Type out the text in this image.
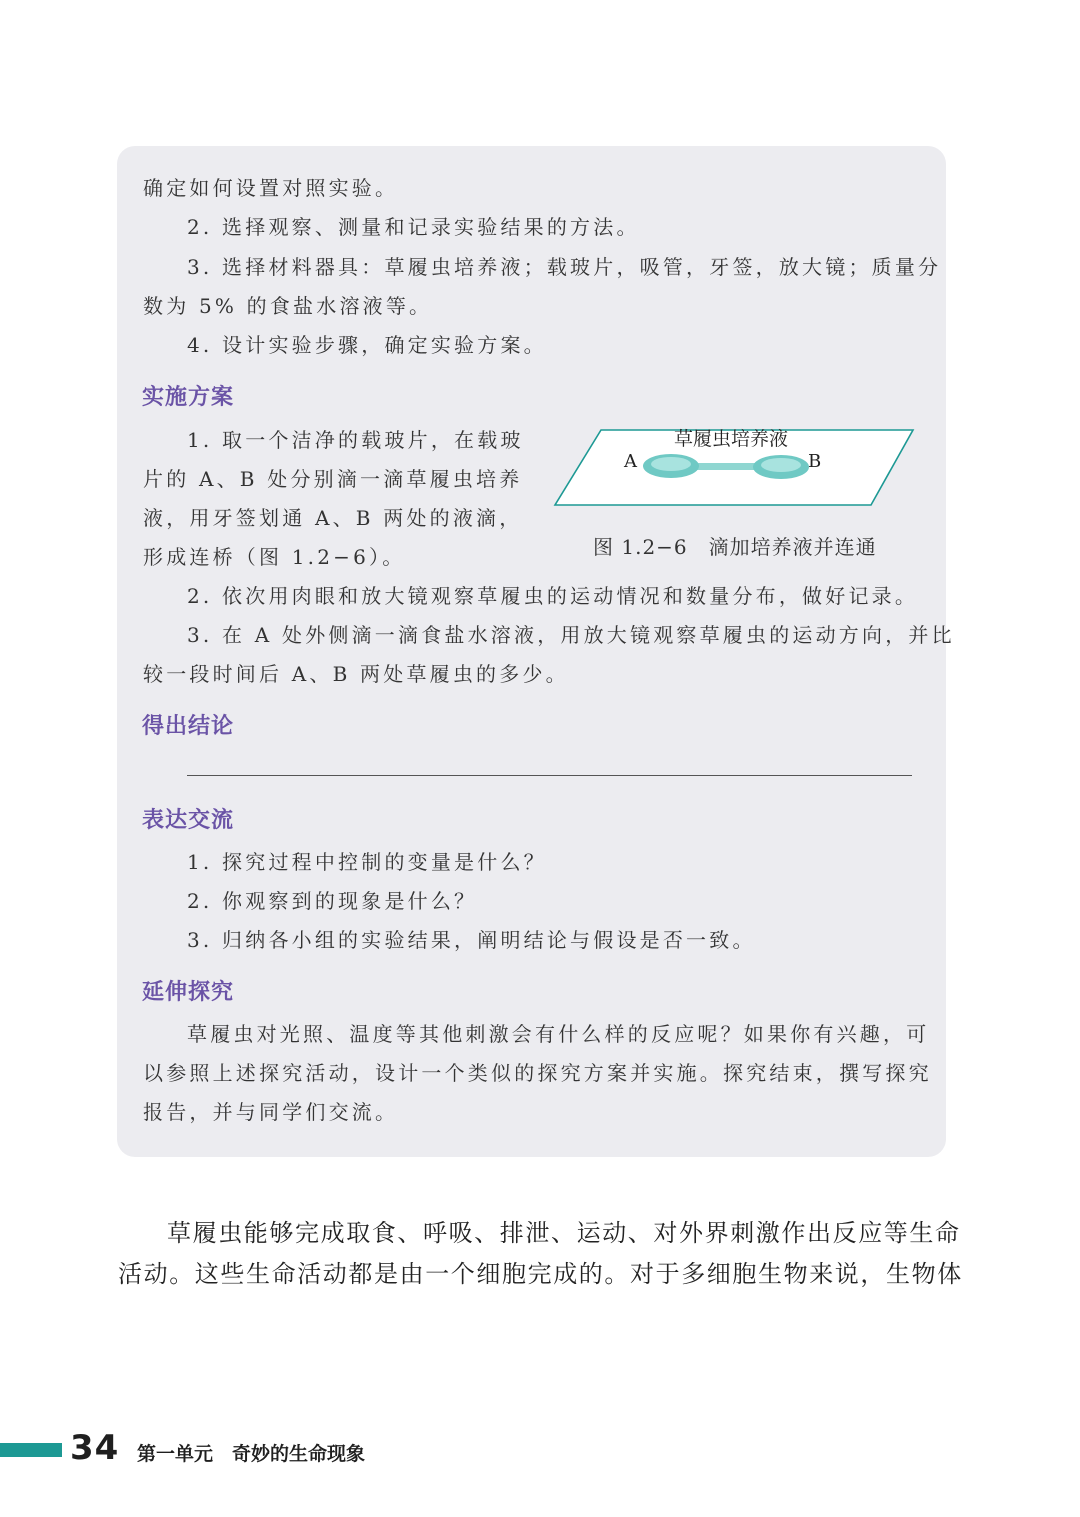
确定如何设置对照实验。
2. 选择观察、测量和记录实验结果的方法。
3. 选择材料器具：草履虫培养液；载玻片，吸管，牙签，放大镜；质量分
数为 5% 的食盐水溶液等。
4. 设计实验步骤，确定实验方案。
实施方案
1. 取一个洁净的载玻片，在载玻
片的 A、B 处分别滴一滴草履虫培养
液，用牙签划通 A、B 两处的液滴，
形成连桥（图 1.2−6）。
草履虫培养液
A	B
图 1.2−6　滴加培养液并连通
2. 依次用肉眼和放大镜观察草履虫的运动情况和数量分布，做好记录。
3. 在 A 处外侧滴一滴食盐水溶液，用放大镜观察草履虫的运动方向，并比
较一段时间后 A、B 两处草履虫的多少。
得出结论
表达交流
1. 探究过程中控制的变量是什么？
2. 你观察到的现象是什么？
3. 归纳各小组的实验结果，阐明结论与假设是否一致。
延伸探究
草履虫对光照、温度等其他刺激会有什么样的反应呢？如果你有兴趣，可
以参照上述探究活动，设计一个类似的探究方案并实施。探究结束，撰写探究
报告，并与同学们交流。
草履虫能够完成取食、呼吸、排泄、运动、对外界刺激作出反应等生命
活动。这些生命活动都是由一个细胞完成的。对于多细胞生物来说，生物体
34 第一单元　奇妙的生命现象
